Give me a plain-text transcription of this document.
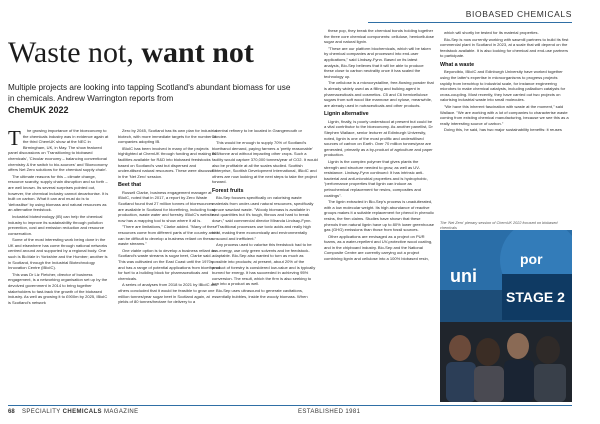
BIOBASED CHEMICALS
Waste not, want not

Multiple projects are looking into tapping Scotland's abundant biomass for use in chemicals. Andrew Warrington reports from
ChemUK 2022

T	he growing importance of the bioeconomy to the chemicals industry was in evidence again at the third ChemUK show at the NEC in Birmingham, UK, in May. The show featured panel discussions on 'Transitioning to biobased chemicals', 'Circular economy – balancing conventional chemistry & the switch to bio-sources' and 'Bioeconomy offers Net Zero solutions for the chemical supply chain'.

The ultimate reasons for this – climate change, resource scarcity, supply chain disruption and so forth – are well known. Its several surprises pointed out, however, the chemical industry cannot decarbonise. It is built on carbon. What it can and must do is to 'defossilise' by using biomass and natural resources as an alternative feedstock.

Industrial biotechnology (IB) can help the chemical industry to improve its sustainability through pollution prevention, cost and emission reduction and resource conservation.

Some of the most interesting work being done in the UK and elsewhere has come through national networks centred around and supported by a regional body. One such is BioVale in Yorkshire and the Humber; another is in Scotland, through the Industrial Biotechnology Innovation Centre (IBioIC).

This was Dr Liz Fletcher, director of business engagement, is a networking organisation set up by the devolved government in 2014 to bring together stakeholders to fast-track the growth of the biobased industry. As well as growing it to £900m by 2025, IBioIC is Scotland's network

Zero by 2045, Scotland has its own plan for industrial biotech, with more immediate targets for the number of companies adopting IB.

IBioIC has been involved in many of the projects highlighted at ChemUK through funding and making its facilities available for R&D into biobased feedstocks based on Scotland's vast but dispersed and underutilised natural resources. These were discussed in the 'Net Zero' session.

Beet that

Russell Clarke, business engagement manager at IBioIC, noted that in 2017, a report by Zero Waste Scotland found that 27 million tonnes of bioresources are available in Scotland for biorefining, including food production, waste water and forestry. IBioIC's website now has a mapping tool to show where it all is.

"There are limitations," Clarke added. "Many of these resources come from different parts of the country and it can be difficult to develop a business reliant on these waste streams."

One viable option is to develop a business reliant on Scotland's waste streams is sugar beet, Clarke said. This was cultivated on the East Coast until the 1970s and has a range of potential applications from bioethanol for fuel to a building block for pharmaceuticals and chemicals.

A series of analyses from 2018 to 2021 by IBioIC and others concluded that it would be feasible to grow one million tonnes/year sugar beet in Scotland again, at yields of 80 tonnes/hectare for delivery to a

central refinery to be located in Grangemouth or Dundee.

This would be enough to supply 70% of Scotland's bioethanol demand, paying farmers a 'pretty reasonable' £65/tonne and without impacting other crops. Such a facility would capture 370,000 tonnes/year of CO2. It would also be profitable at all the scales studied. Scottish Enterprise, Scottish Development International, IBioIC and others are now looking at the next steps to take the project forward.

Forest fruits

Bio-Sep focuses specifically on valorising waste materials from under-used natural resources, specifically spruce sawdust waste. "Woody biomass is available in vast quantities but it's tough, fibrous and hard to break down," said commercial director Miranda Lindsay-Fynn.

"Traditional processes use toxic acids and really high heat, making them economically and environmentally unsound and inefficient."

Any process used to valorise this feedstock had to be low-energy, use only green solvents and be feedstock-adaptable. Bio-Sep also wanted to turn as much as possible into products; at present, about 20% of the product of forestry is considered low-value and is typically burned for energy. It has succeeded in achieving 95% conversion. The result, which the firm is also seeking to turn into a product as well.

Bio-Sep uses ultrasound to generate cavitations, essentially bubbles, inside the woody biomass. When

these pop, they break the chemical bonds holding together the three core chemical components: cellulose, hemicellulose sugar and natural lignin.

"These are our platform biochemicals, which will be taken by chemical companies and processed into end-user applications," said Lindsay-Fynn. Based on its latest analysis, Bio-Sep believes that it will be able to produce these close to carbon neutrality once it has scaled the technology up.

The cellulose is a microcrystalline, free-flowing powder that is already widely used as a filling and bulking agent in pharmaceuticals and cosmetics. C5 and C6 hemicellulose sugars from soft wood like mannose and xylose, meanwhile, are already used in nutraceuticals and other products.

Lignin alternative

Lignin, finally, is poorly understood at present but could be a vital contributor to the bioeconomy. As another panellist, Dr Stephen Wallace, senior lecturer at Edinburgh University, noted, lignin is one of the most prolific and underutilised sources of carbon on Earth. Over 70 million tonnes/year are generated, primarily as a by-product of agriculture and paper production.

Lignin is the complex polymer that gives plants the strength and structure needed to grow, as well as UV-resistance. Lindsay-Fynn continued: It has intrinsic anti-bacterial and anti-microbial properties and is hydrophobic, "performance properties that lignin can induce as petrochemical replacement for resins, composites and coatings".

The lignin extracted in Bio-Sep's process is unadulterated, with a low molecular weight. Its high abundance of reactive groups makes it a suitable replacement for phenol in phenolic resins, the firm claims. Studies have shown that these phenols from natural lignin have up to 80% lower greenhouse gas (GHG) emissions than those from fossil sources.

Other applications are envisaged as a project on PUR foams, as a water-repellent and UV-protective wood coating, and in the chipboard industry. Bio-Sep and the National Composite Centre are currently carrying out a project combining lignin and cellulose into a 100% biobased resin,

which will shortly be tested for its material properties.

Bio-Sep is now currently working with sawmill partners to build its first commercial plant in Scotland in 2023, at a scale that will depend on the feedstock available. It is also looking for chemical and end-use partners to participate.

What a waste

Beyondbio, IBioIC and Edinburgh University have worked together using the latter's expertise in microorganisms to progress projects rapidly from benchtop to industrial scale, for instance engineering microbes to make chemical catalysts, including palladium catalysts for cross-coupling. Most recently, they have carried out two projects on valorising industrial waste into small molecules.

"We have this inherent fascination with waste at the moment," said Wallace. "We are working with a lot of companies to characterise waste coming from existing chemical manufacturing, because we see this as a really interesting source of carbon."

Doing this, he said, has two major sustainability benefits: it reuses

The 'Net Zero' plenary session of ChemUK 2022 focused on biobased chemicals
uni
por
STAGE 2
68 SPECIALITY CHEMICALS MAGAZINE	ESTABLISHED 1981
